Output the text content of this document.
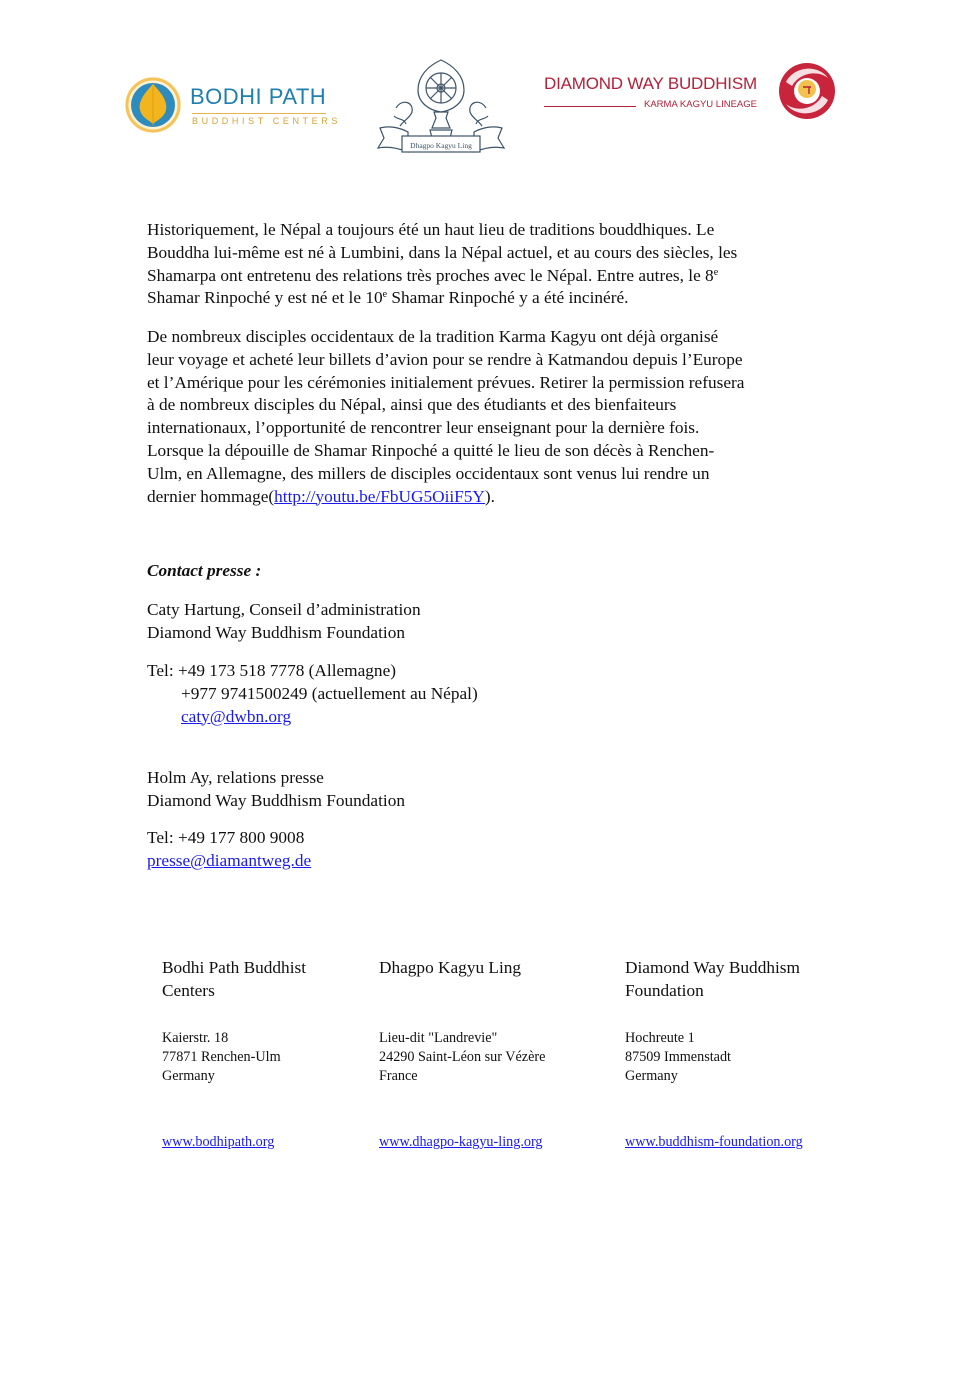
BODHI PATH
BUDDHIST CENTERS
Dhagpo Kagyu Ling
DIAMOND WAY BUDDHISM
KARMA KAGYU LINEAGE

Historiquement, le Népal a toujours été un haut lieu de traditions bouddhiques. Le

Bouddha lui-même est né à Lumbini, dans la Népal actuel, et au cours des siècles, les

Shamarpa ont entretenu des relations très proches avec le Népal. Entre autres, le 8e

Shamar Rinpoché y est né et le 10e Shamar Rinpoché y a été incinéré.

De nombreux disciples occidentaux de la tradition Karma Kagyu ont déjà organisé

leur voyage et acheté leur billets d’avion pour se rendre à Katmandou depuis l’Europe

et l’Amérique pour les cérémonies initialement prévues. Retirer la permission refusera

à de nombreux disciples du Népal, ainsi que des étudiants et des bienfaiteurs

internationaux, l’opportunité de rencontrer leur enseignant pour la dernière fois.

Lorsque la dépouille de Shamar Rinpoché a quitté le lieu de son décès à Renchen-

Ulm, en Allemagne, des millers de disciples occidentaux sont venus lui rendre un

dernier hommage(http://youtu.be/FbUG5OiiF5Y).

Contact presse :
Caty Hartung, Conseil d’administration
Diamond Way Buddhism Foundation
Tel: +49 173 518 7778 (Allemagne)
+977 9741500249 (actuellement au Népal)
caty@dwbn.org
Holm Ay, relations presse
Diamond Way Buddhism Foundation
Tel: +49 177 800 9008
presse@diamantweg.de
Bodhi Path Buddhist
Centers
Kaierstr. 18
77871 Renchen-Ulm
Germany
www.bodhipath.org
Dhagpo Kagyu Ling
Lieu-dit "Landrevie"
24290 Saint-Léon sur Vézère
France
www.dhagpo-kagyu-ling.org
Diamond Way Buddhism
Foundation
Hochreute 1
87509 Immenstadt
Germany
www.buddhism-foundation.org
